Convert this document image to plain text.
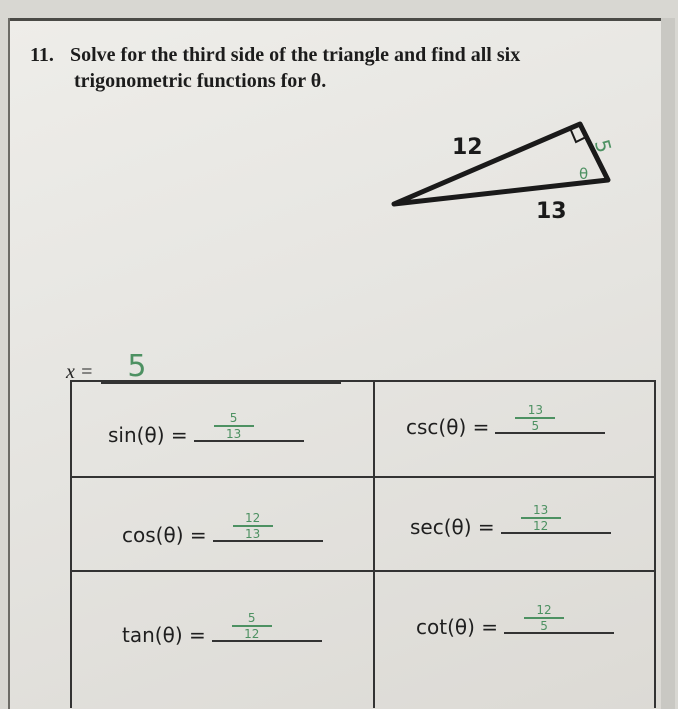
11. Solve for the third side of the triangle and find all six
trigonometric functions for θ.
12
13
5
θ
x = 5
sin(θ) =
5
13	csc(θ) =
13
5
cos(θ) =
12
13	sec(θ) =
13
12
tan(θ) =
5
12	cot(θ) =
12
5
